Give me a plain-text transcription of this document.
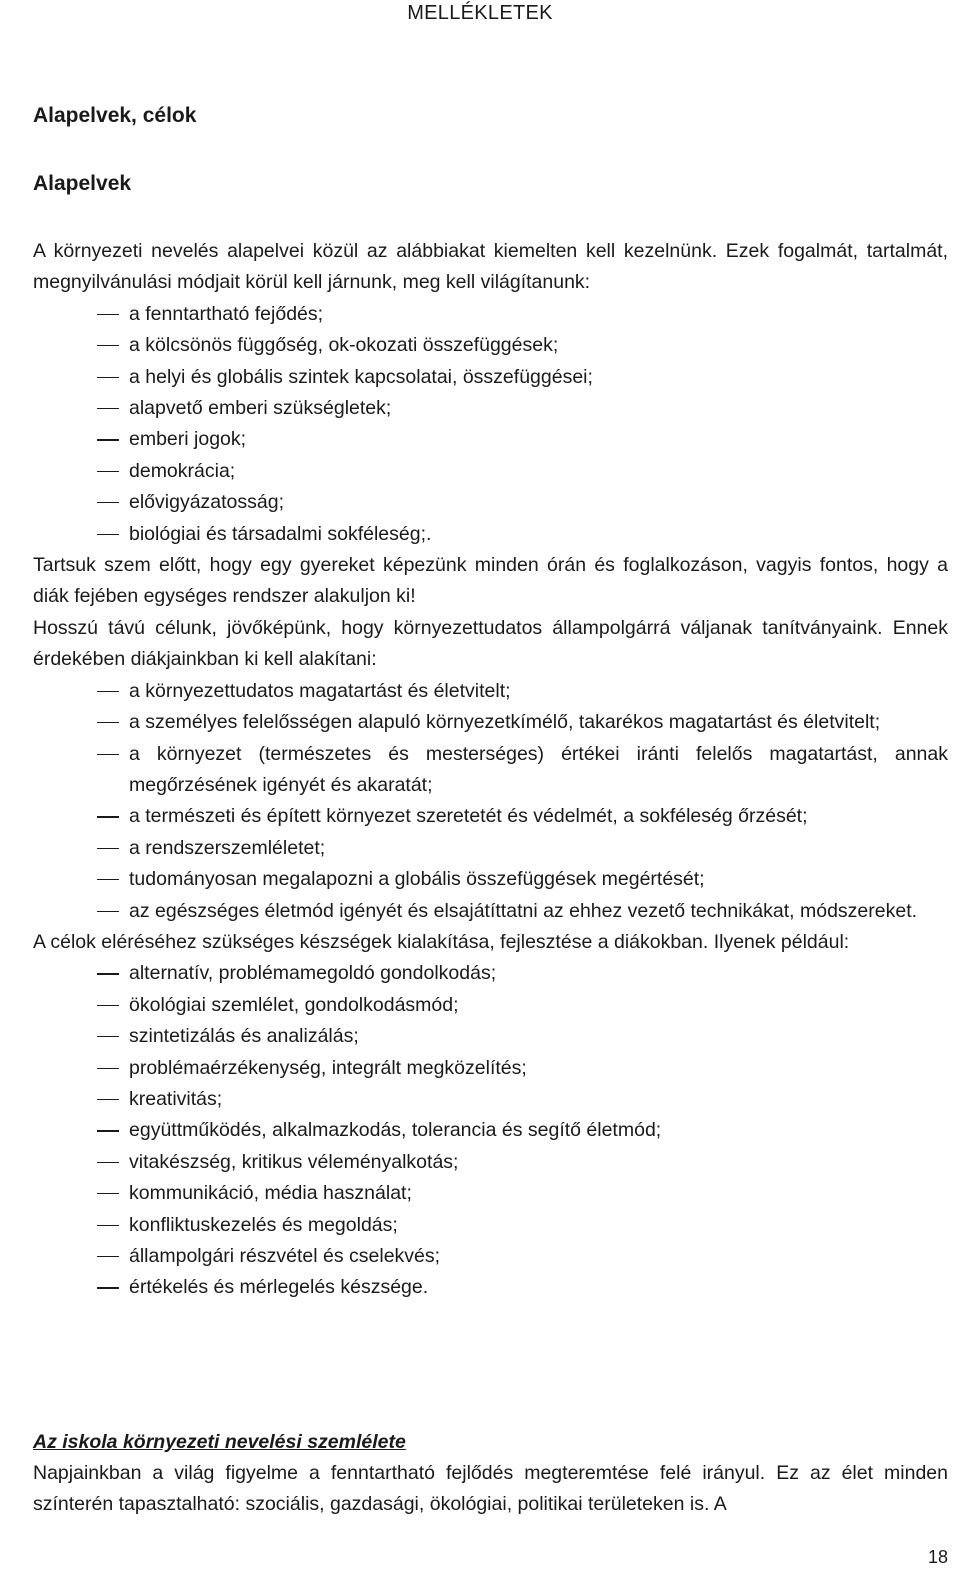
MELLÉKLETEK
Alapelvek, célok
Alapelvek

A környezeti nevelés alapelvei közül az alábbiakat kiemelten kell kezelnünk. Ezek fogalmát, tartalmát, megnyilvánulási módjait körül kell járnunk, meg kell világítanunk:

a fenntartható fejődés;
a kölcsönös függőség, ok-okozati összefüggések;
a helyi és globális szintek kapcsolatai, összefüggései;
alapvető emberi szükségletek;
emberi jogok;
demokrácia;
elővigyázatosság;
biológiai és társadalmi sokféleség;.

Tartsuk szem előtt, hogy egy gyereket képezünk minden órán és foglalkozáson, vagyis fontos, hogy a diák fejében egységes rendszer alakuljon ki!

Hosszú távú célunk, jövőképünk, hogy környezettudatos állampolgárrá váljanak tanítványaink. Ennek érdekében diákjainkban ki kell alakítani:

a környezettudatos magatartást és életvitelt;
a személyes felelősségen alapuló környezetkímélő, takarékos magatartást és életvitelt;
a környezet (természetes és mesterséges) értékei iránti felelős magatartást, annak megőrzésének igényét és akaratát;
a természeti és épített környezet szeretetét és védelmét, a sokféleség őrzését;
a rendszerszemléletet;
tudományosan megalapozni a globális összefüggések megértését;
az egészséges életmód igényét és elsajátíttatni az ehhez vezető technikákat, módszereket.

A célok eléréséhez szükséges készségek kialakítása, fejlesztése a diákokban. Ilyenek például:

alternatív, problémamegoldó gondolkodás;
ökológiai szemlélet, gondolkodásmód;
szintetizálás és analizálás;
problémaérzékenység, integrált megközelítés;
kreativitás;
együttműködés, alkalmazkodás, tolerancia és segítő életmód;
vitakészség, kritikus véleményalkotás;
kommunikáció, média használat;
konfliktuskezelés és megoldás;
állampolgári részvétel és cselekvés;
értékelés és mérlegelés készsége.
Az iskola környezeti nevelési szemlélete

Napjainkban a világ figyelme a fenntartható fejlődés megteremtése felé irányul. Ez az élet minden színterén tapasztalható: szociális, gazdasági, ökológiai, politikai területeken is. A

18
